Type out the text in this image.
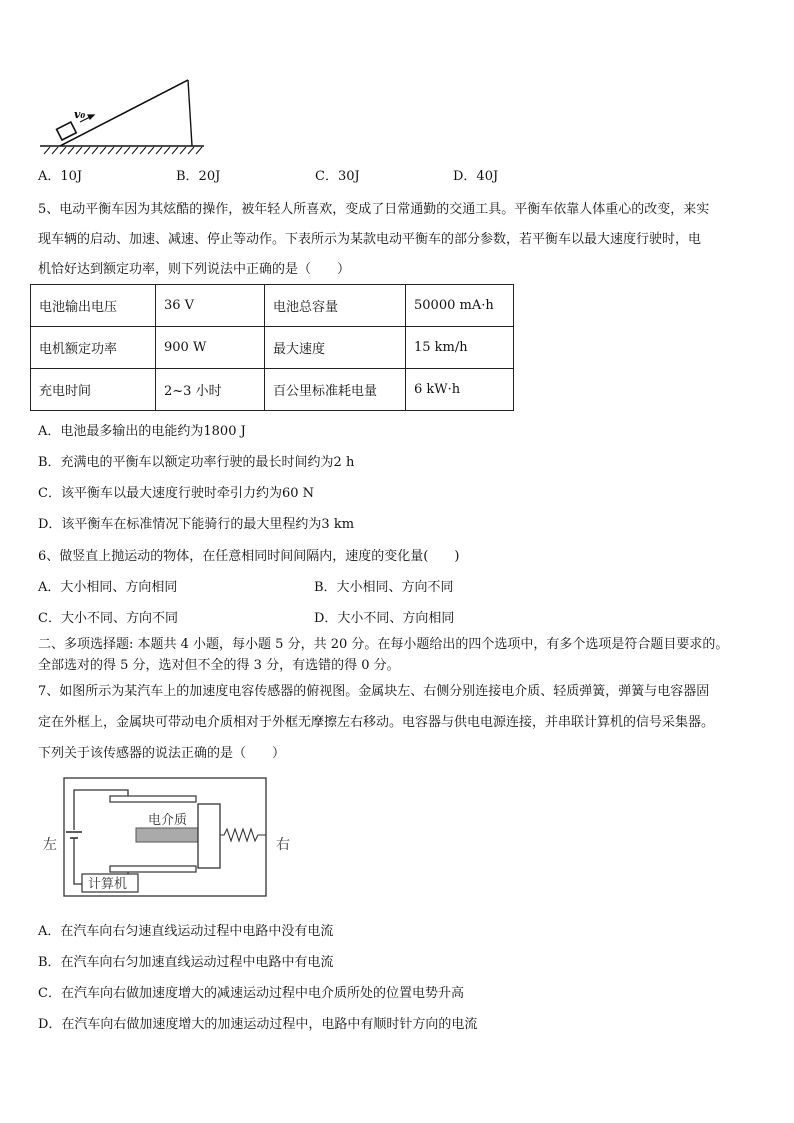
v₀
A．10J	B．20J	C．30J	D．40J
5、电动平衡车因为其炫酷的操作，被年轻人所喜欢，变成了日常通勤的交通工具。平衡车依靠人体重心的改变，来实
现车辆的启动、加速、减速、停止等动作。下表所示为某款电动平衡车的部分参数，若平衡车以最大速度行驶时，电
机恰好达到额定功率，则下列说法中正确的是（　　）
电池输出电压	36 V	电池总容量	50000 mA·h
电机额定功率	900 W	最大速度	15 km/h
充电时间	2~3 小时	百公里标准耗电量	6 kW·h
A．电池最多输出的电能约为1800 J
B．充满电的平衡车以额定功率行驶的最长时间约为2 h
C．该平衡车以最大速度行驶时牵引力约为60 N
D．该平衡车在标准情况下能骑行的最大里程约为3 km
6、做竖直上抛运动的物体，在任意相同时间间隔内，速度的变化量(　　)
A．大小相同、方向相同	B．大小相同、方向不同
C．大小不同、方向不同	D．大小不同、方向相同
二、多项选择题: 本题共 4 小题，每小题 5 分，共 20 分。在每小题给出的四个选项中，有多个选项是符合题目要求的。
全部选对的得 5 分，选对但不全的得 3 分，有选错的得 0 分。
7、如图所示为某汽车上的加速度电容传感器的俯视图。金属块左、右侧分别连接电介质、轻质弹簧，弹簧与电容器固
定在外框上，金属块可带动电介质相对于外框无摩擦左右移动。电容器与供电电源连接，并串联计算机的信号采集器。
下列关于该传感器的说法正确的是（　　）
计算机
电介质
左	右
A．在汽车向右匀速直线运动过程中电路中没有电流
B．在汽车向右匀加速直线运动过程中电路中有电流
C．在汽车向右做加速度增大的减速运动过程中电介质所处的位置电势升高
D．在汽车向右做加速度增大的加速运动过程中，电路中有顺时针方向的电流
